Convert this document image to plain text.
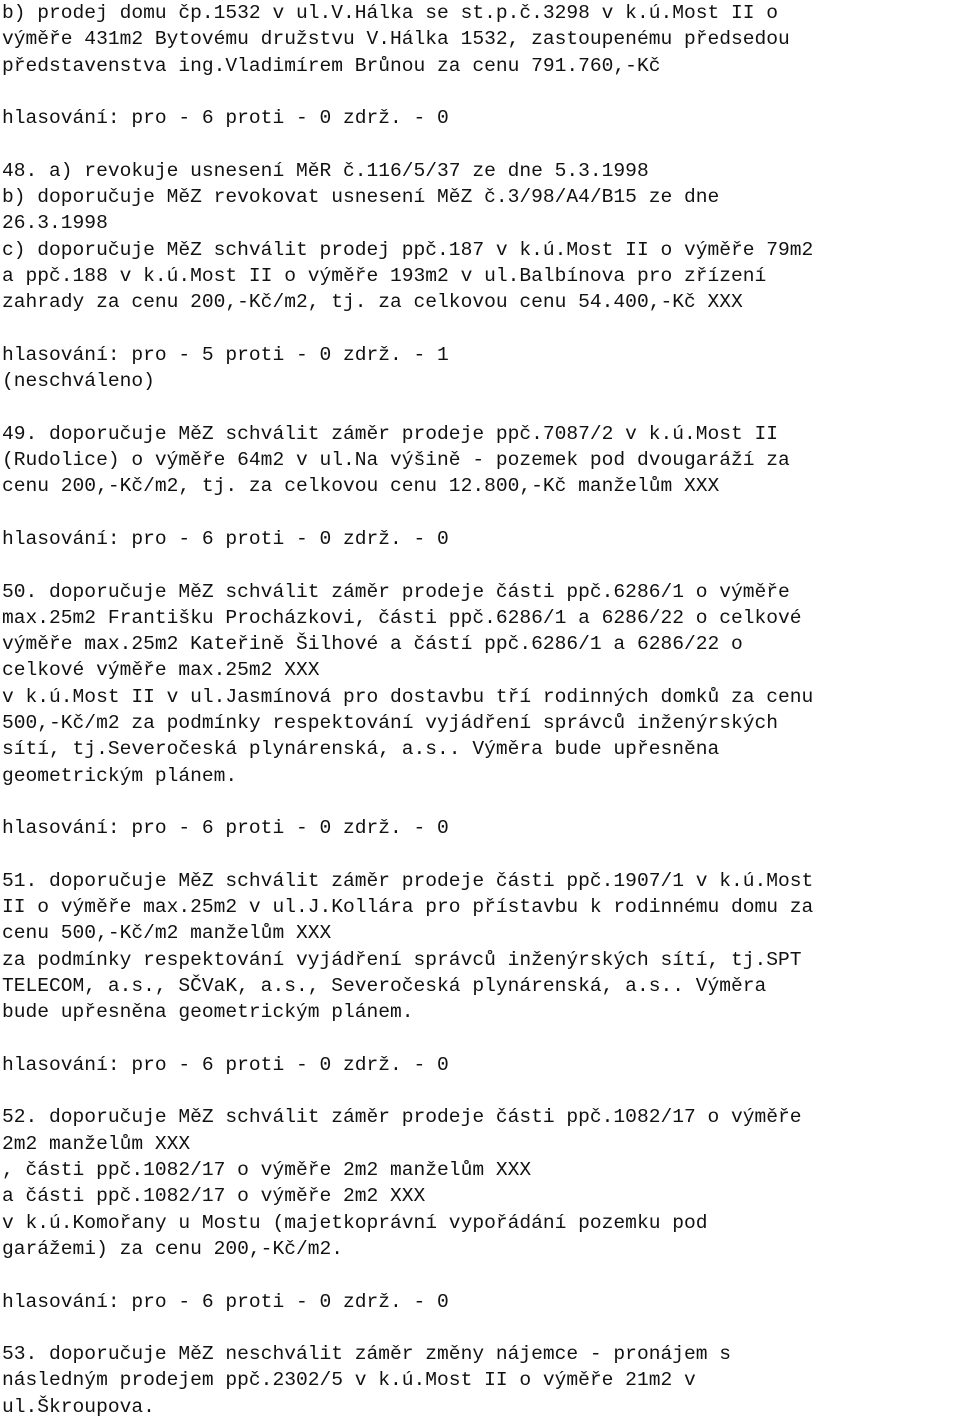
b) prodej domu čp.1532 v ul.V.Hálka se st.p.č.3298 v k.ú.Most II o
výměře 431m2 Bytovému družstvu V.Hálka 1532, zastoupenému předsedou
představenstva ing.Vladimírem Brůnou za cenu 791.760,-Kč
hlasování: pro - 6 proti - 0 zdrž. - 0
48. a) revokuje usnesení MěR č.116/5/37 ze dne 5.3.1998
b) doporučuje MěZ revokovat usnesení MěZ č.3/98/A4/B15 ze dne
26.3.1998
c) doporučuje MěZ schválit prodej ppč.187 v k.ú.Most II o výměře 79m2
a ppč.188 v k.ú.Most II o výměře 193m2 v ul.Balbínova pro zřízení
zahrady za cenu 200,-Kč/m2, tj. za celkovou cenu 54.400,-Kč XXX
hlasování: pro - 5 proti - 0 zdrž. - 1
(neschváleno)
49. doporučuje MěZ schválit záměr prodeje ppč.7087/2 v k.ú.Most II
(Rudolice) o výměře 64m2 v ul.Na výšině - pozemek pod dvougaráží za
cenu 200,-Kč/m2, tj. za celkovou cenu 12.800,-Kč manželům XXX
hlasování: pro - 6 proti - 0 zdrž. - 0
50. doporučuje MěZ schválit záměr prodeje části ppč.6286/1 o výměře
max.25m2 Františku Procházkovi, části ppč.6286/1 a 6286/22 o celkové
výměře max.25m2 Kateřině Šilhové a částí ppč.6286/1 a 6286/22 o
celkové výměře max.25m2 XXX
v k.ú.Most II v ul.Jasmínová pro dostavbu tří rodinných domků za cenu
500,-Kč/m2 za podmínky respektování vyjádření správců inženýrských
sítí, tj.Severočeská plynárenská, a.s.. Výměra bude upřesněna
geometrickým plánem.
hlasování: pro - 6 proti - 0 zdrž. - 0
51. doporučuje MěZ schválit záměr prodeje části ppč.1907/1 v k.ú.Most
II o výměře max.25m2 v ul.J.Kollára pro přístavbu k rodinnému domu za
cenu 500,-Kč/m2 manželům XXX
za podmínky respektování vyjádření správců inženýrských sítí, tj.SPT
TELECOM, a.s., SČVaK, a.s., Severočeská plynárenská, a.s.. Výměra
bude upřesněna geometrickým plánem.
hlasování: pro - 6 proti - 0 zdrž. - 0
52. doporučuje MěZ schválit záměr prodeje části ppč.1082/17 o výměře
2m2 manželům XXX
, části ppč.1082/17 o výměře 2m2 manželům XXX
a části ppč.1082/17 o výměře 2m2 XXX
v k.ú.Komořany u Mostu (majetkoprávní vypořádání pozemku pod
garážemi) za cenu 200,-Kč/m2.
hlasování: pro - 6 proti - 0 zdrž. - 0
53. doporučuje MěZ neschválit záměr změny nájemce - pronájem s
následným prodejem ppč.2302/5 v k.ú.Most II o výměře 21m2 v
ul.Škroupova.
